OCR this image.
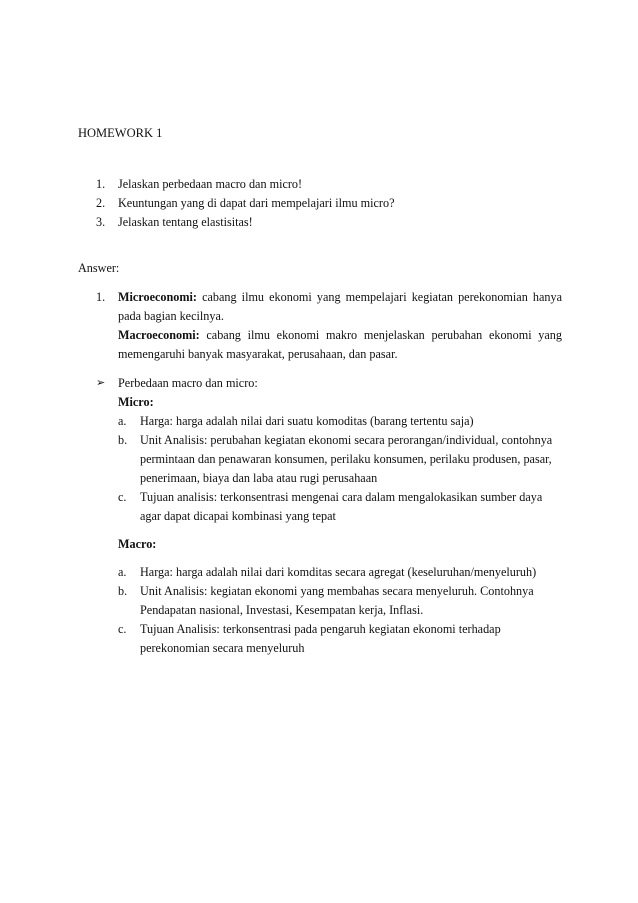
HOMEWORK 1
1.	Jelaskan perbedaan macro dan micro!
2.	Keuntungan yang di dapat dari mempelajari ilmu micro?
3.	Jelaskan tentang elastisitas!

Answer:

1.	Microeconomi: cabang ilmu ekonomi yang mempelajari kegiatan perekonomian hanya pada bagian kecilnya.

Macroeconomi: cabang ilmu ekonomi makro menjelaskan perubahan ekonomi yang memengaruhi banyak masyarakat, perusahaan, dan pasar.

➢	Perbedaan macro dan micro:

Micro:

a.	Harga: harga adalah nilai dari suatu komoditas (barang tertentu saja)
b.	Unit Analisis: perubahan kegiatan ekonomi secara perorangan/individual, contohnya permintaan dan penawaran konsumen, perilaku konsumen, perilaku produsen, pasar, penerimaan, biaya dan laba atau rugi perusahaan
c.	Tujuan analisis: terkonsentrasi mengenai cara dalam mengalokasikan sumber daya agar dapat dicapai kombinasi yang tepat

Macro:

a.	Harga: harga adalah nilai dari komditas secara agregat (keseluruhan/menyeluruh)
b.	Unit Analisis: kegiatan ekonomi yang membahas secara menyeluruh. Contohnya Pendapatan nasional, Investasi, Kesempatan kerja, Inflasi.
c.	Tujuan Analisis: terkonsentrasi pada pengaruh kegiatan ekonomi terhadap perekonomian secara menyeluruh
